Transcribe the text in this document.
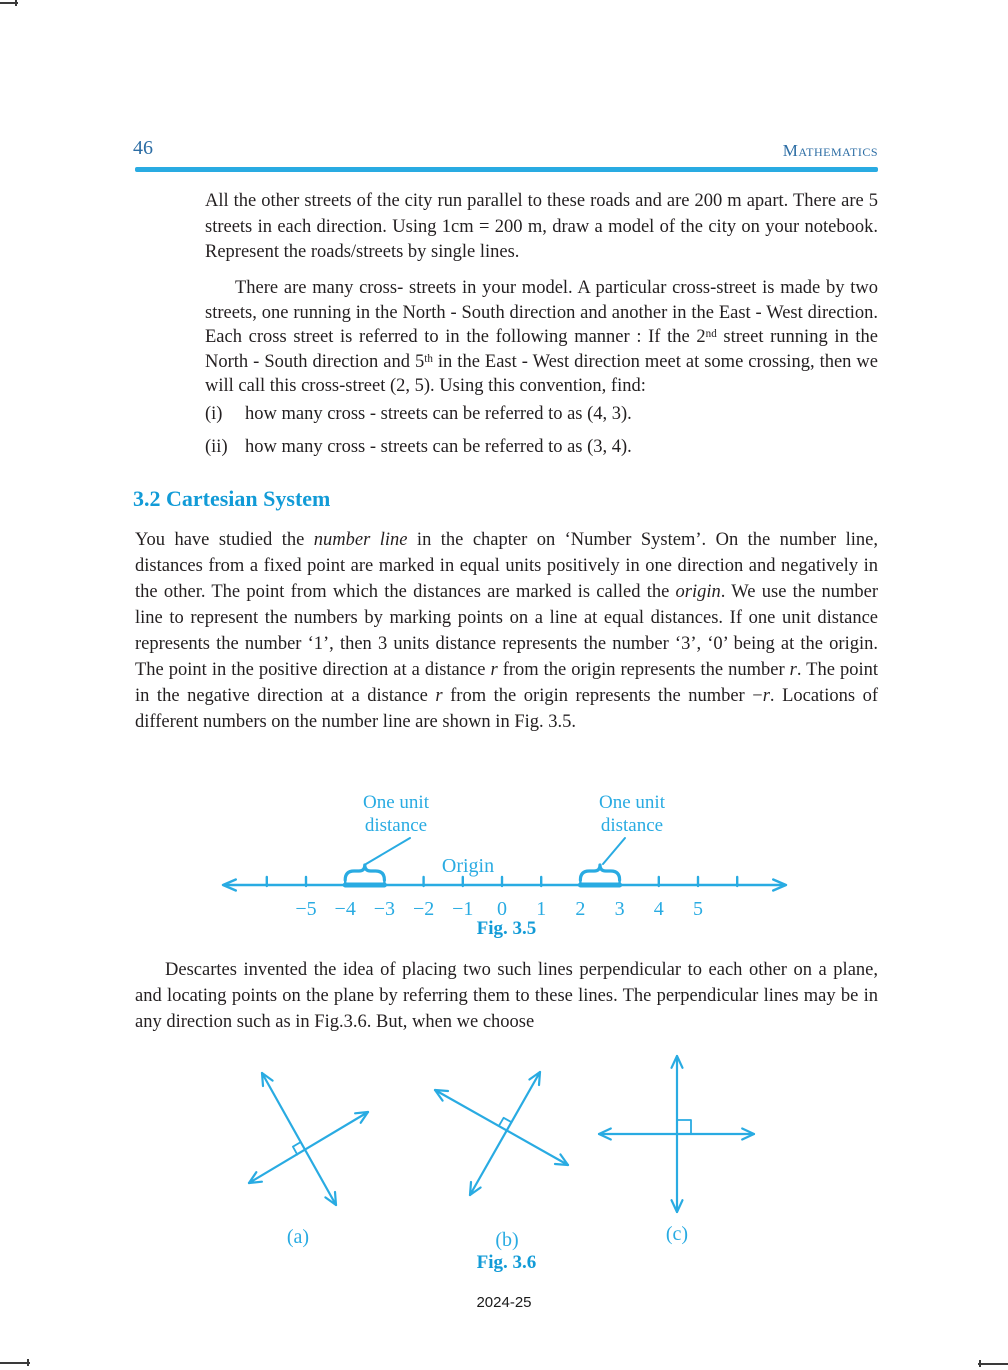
46	Mathematics
All the other streets of the city run parallel to these roads and are 200 m apart. There are 5 streets in each direction. Using 1cm = 200 m, draw a model of the city on your notebook. Represent the roads/streets by single lines.
There are many cross- streets in your model. A particular cross-street is made by two streets, one running in the North - South direction and another in the East - West direction. Each cross street is referred to in the following manner : If the 2nd street running in the North - South direction and 5th in the East - West direction meet at some crossing, then we will call this cross-street (2, 5). Using this convention, find:
(i)	how many cross - streets can be referred to as (4, 3).
(ii) how many cross - streets can be referred to as (3, 4).
3.2 Cartesian System
You have studied the number line in the chapter on ‘Number System’. On the number line, distances from a fixed point are marked in equal units positively in one direction and negatively in the other. The point from which the distances are marked is called the origin. We use the number line to represent the numbers by marking points on a line at equal distances. If one unit distance represents the number ‘1’, then 3 units distance represents the number ‘3’, ‘0’ being at the origin. The point in the positive direction at a distance r from the origin represents the number r. The point in the negative direction at a distance r from the origin represents the number −r. Locations of different numbers on the number line are shown in Fig. 3.5.
One unit
distance
One unit
distance
Origin
−5 −4 −3 −2 −1 0 1 2 3 4 5
Fig. 3.5
Descartes invented the idea of placing two such lines perpendicular to each other on a plane, and locating points on the plane by referring them to these lines. The perpendicular lines may be in any direction such as in Fig.3.6. But, when we choose
(a)	(b)	(c)
Fig. 3.6
2024-25
